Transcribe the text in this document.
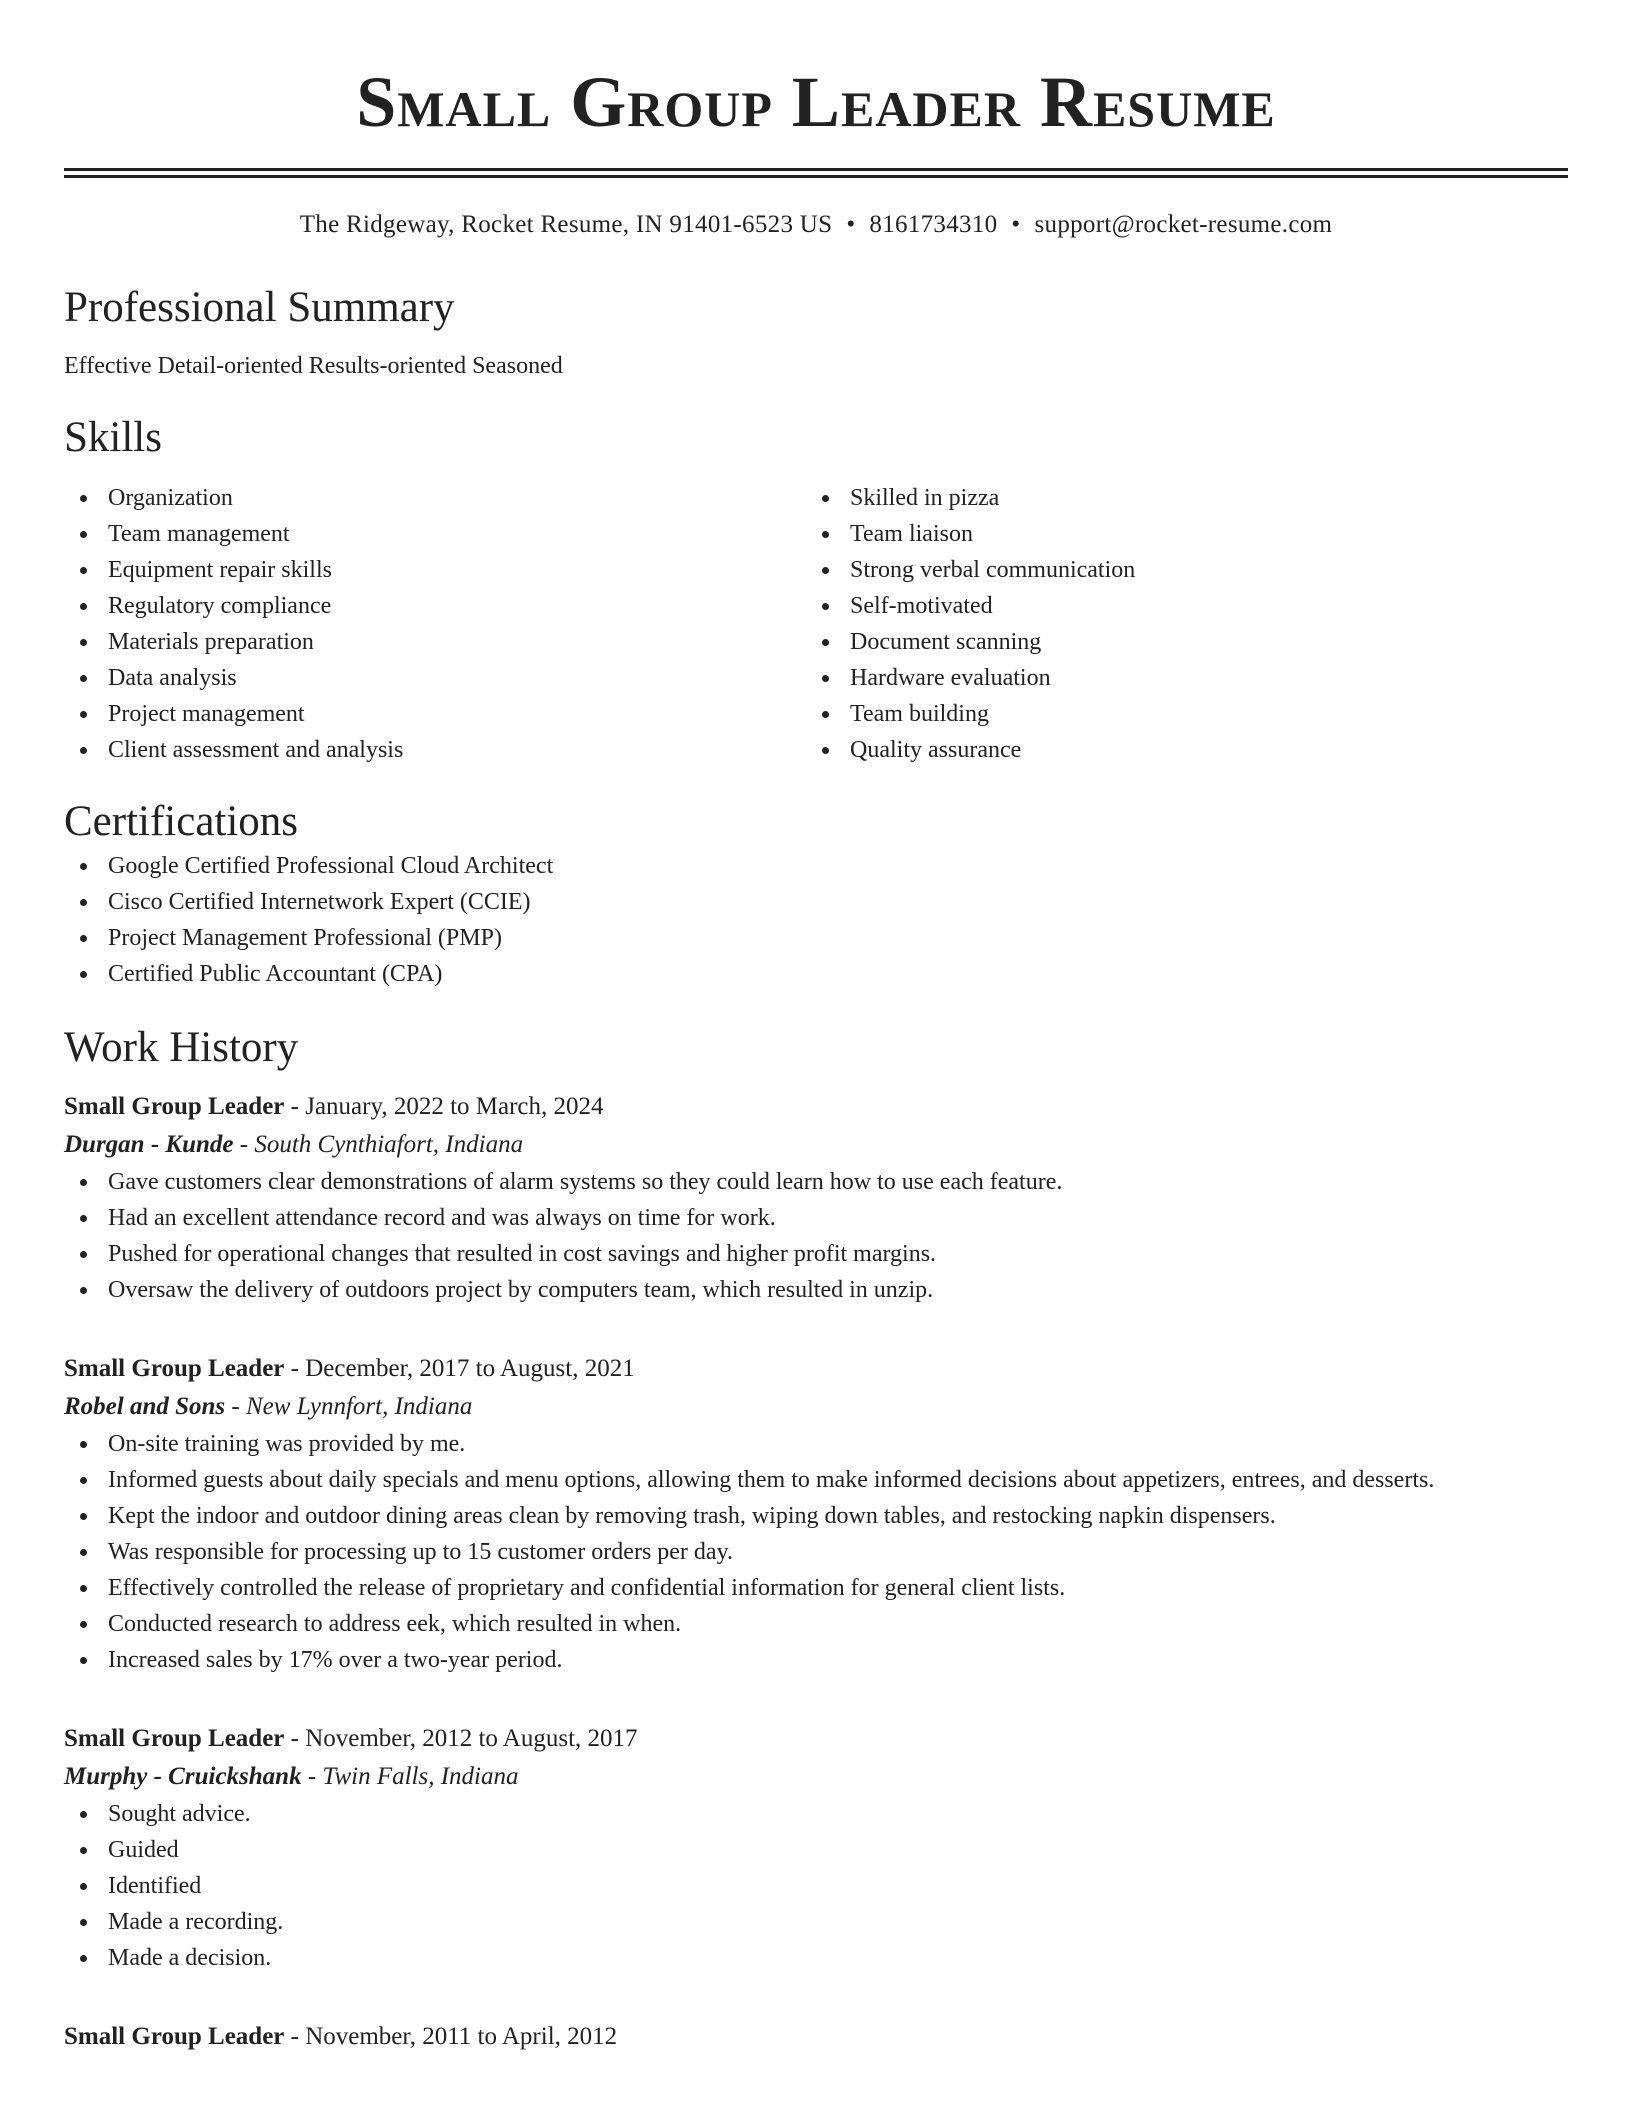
Small Group Leader Resume
The Ridgeway, Rocket Resume, IN 91401-6523 US • 8161734310 • support@rocket-resume.com
Professional Summary
Effective Detail-oriented Results-oriented Seasoned
Skills
Organization
Team management
Equipment repair skills
Regulatory compliance
Materials preparation
Data analysis
Project management
Client assessment and analysis
Skilled in pizza
Team liaison
Strong verbal communication
Self-motivated
Document scanning
Hardware evaluation
Team building
Quality assurance
Certifications
Google Certified Professional Cloud Architect
Cisco Certified Internetwork Expert (CCIE)
Project Management Professional (PMP)
Certified Public Accountant (CPA)
Work History
Small Group Leader - January, 2022 to March, 2024
Durgan - Kunde - South Cynthiafort, Indiana
Gave customers clear demonstrations of alarm systems so they could learn how to use each feature.
Had an excellent attendance record and was always on time for work.
Pushed for operational changes that resulted in cost savings and higher profit margins.
Oversaw the delivery of outdoors project by computers team, which resulted in unzip.
Small Group Leader - December, 2017 to August, 2021
Robel and Sons - New Lynnfort, Indiana
On-site training was provided by me.
Informed guests about daily specials and menu options, allowing them to make informed decisions about appetizers, entrees, and desserts.
Kept the indoor and outdoor dining areas clean by removing trash, wiping down tables, and restocking napkin dispensers.
Was responsible for processing up to 15 customer orders per day.
Effectively controlled the release of proprietary and confidential information for general client lists.
Conducted research to address eek, which resulted in when.
Increased sales by 17% over a two-year period.
Small Group Leader - November, 2012 to August, 2017
Murphy - Cruickshank - Twin Falls, Indiana
Sought advice.
Guided
Identified
Made a recording.
Made a decision.
Small Group Leader - November, 2011 to April, 2012
